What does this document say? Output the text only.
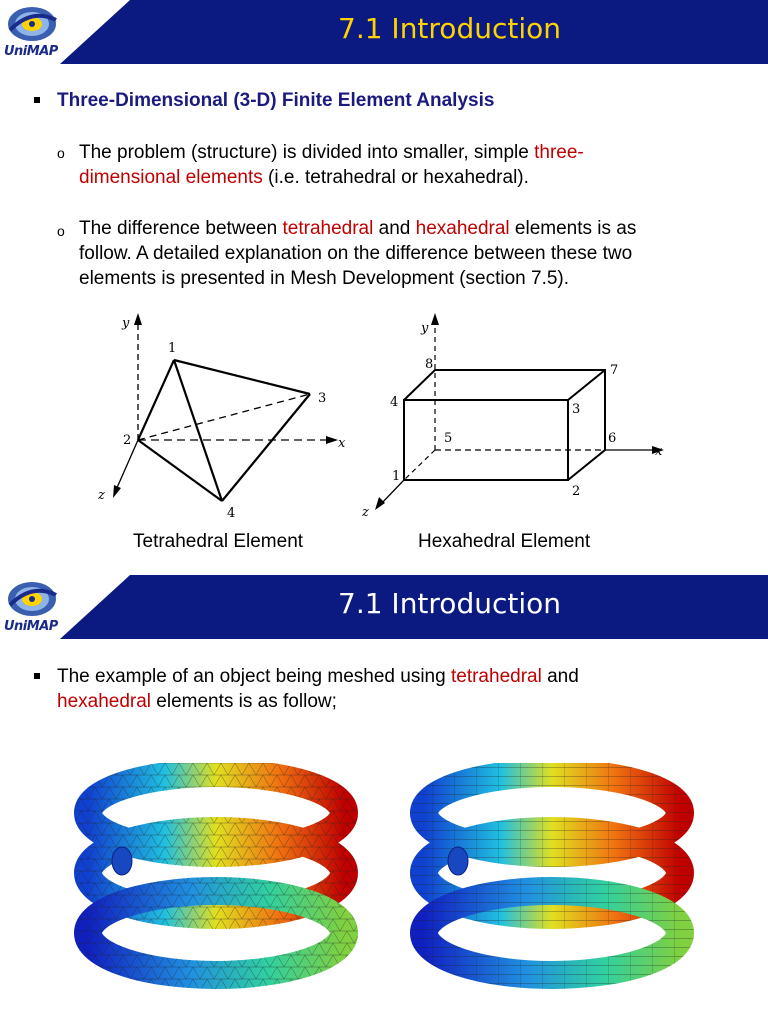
UniMAP
7.1 Introduction
Three-Dimensional (3-D) Finite Element Analysis
o The problem (structure) is divided into smaller, simple three-
dimensional elements (i.e. tetrahedral or hexahedral).
o The difference between tetrahedral and hexahedral elements is as
follow. A detailed explanation on the difference between these two
elements is presented in Mesh Development (section 7.5).
y
x
z
1
2
3
4
Tetrahedral Element
y
x
z
1
2
3
4
5	6
7
8
Hexahedral Element
UniMAP
7.1 Introduction
The example of an object being meshed using tetrahedral and
hexahedral elements is as follow;
